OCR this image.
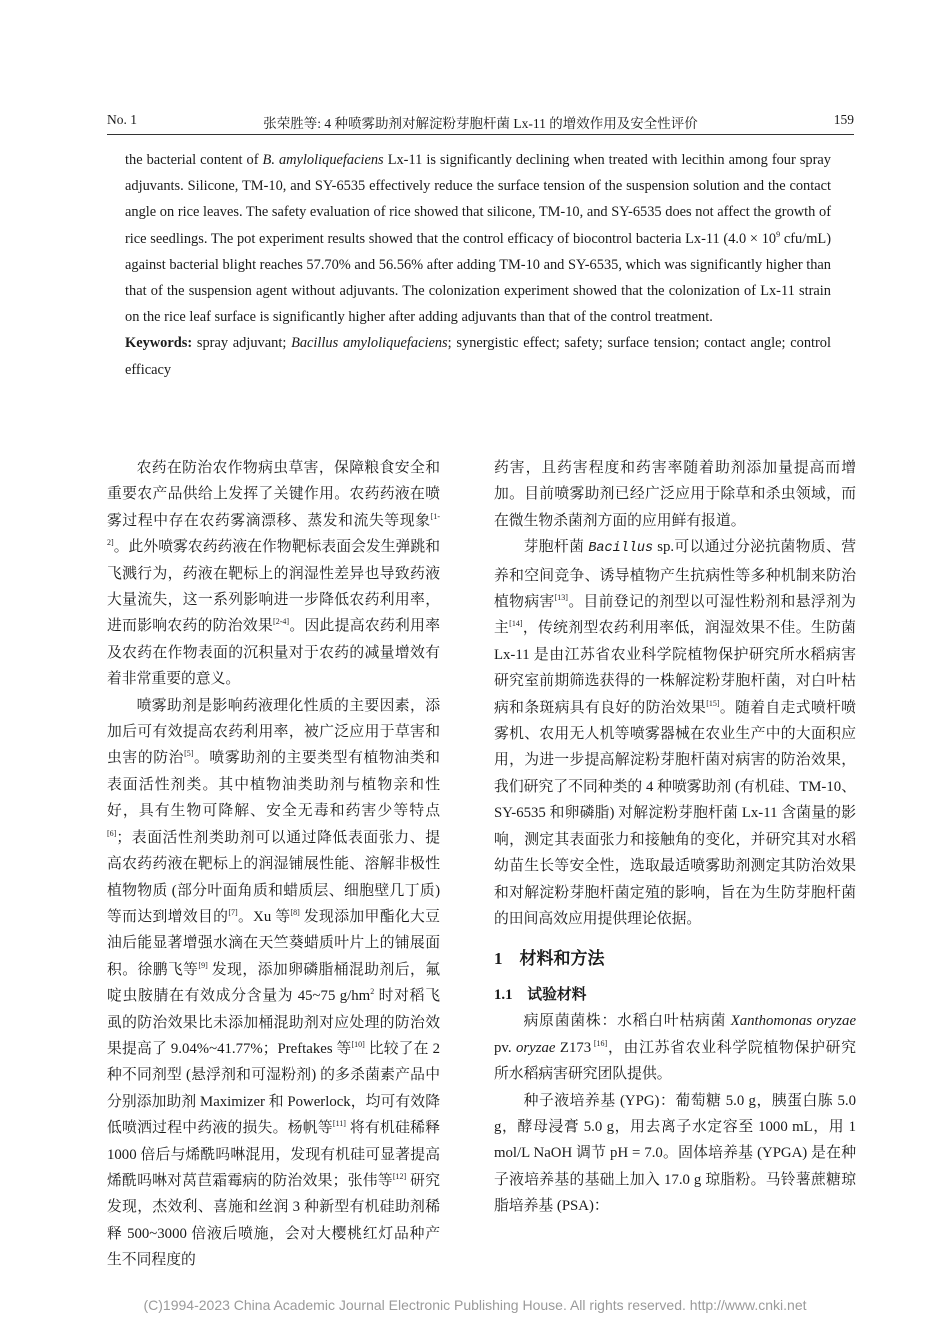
No. 1	张荣胜等: 4 种喷雾助剂对解淀粉芽胞杆菌 Lx-11 的增效作用及安全性评价	159

the bacterial content of B. amyloliquefaciens Lx-11 is significantly declining when treated with lecithin among four spray adjuvants. Silicone, TM-10, and SY-6535 effectively reduce the surface tension of the suspension solution and the contact angle on rice leaves. The safety evaluation of rice showed that silicone, TM-10, and SY-6535 does not affect the growth of rice seedlings. The pot experiment results showed that the control efficacy of biocontrol bacteria Lx-11 ($4.0 \times 10^9$ cfu/mL) against bacterial blight reaches 57.70% and 56.56% after adding TM-10 and SY-6535, which was significantly higher than that of the suspension agent without adjuvants. The colonization experiment showed that the colonization of Lx-11 strain on the rice leaf surface is significantly higher after adding adjuvants than that of the control treatment.

Keywords: spray adjuvant; Bacillus amyloliquefaciens; synergistic effect; safety; surface tension; contact angle; control efficacy

农药在防治农作物病虫草害，保障粮食安全和重要农产品供给上发挥了关键作用。农药药液在喷雾过程中存在农药雾滴漂移、蒸发和流失等现象[1-2]。此外喷雾农药药液在作物靶标表面会发生弹跳和飞溅行为，药液在靶标上的润湿性差异也导致药液大量流失，这一系列影响进一步降低农药利用率，进而影响农药的防治效果[2-4]。因此提高农药利用率及农药在作物表面的沉积量对于农药的减量增效有着非常重要的意义。

喷雾助剂是影响药液理化性质的主要因素，添加后可有效提高农药利用率，被广泛应用于草害和虫害的防治[5]。喷雾助剂的主要类型有植物油类和表面活性剂类。其中植物油类助剂与植物亲和性好，具有生物可降解、安全无毒和药害少等特点[6]；表面活性剂类助剂可以通过降低表面张力、提高农药药液在靶标上的润湿铺展性能、溶解非极性植物物质 (部分叶面角质和蜡质层、细胞壁几丁质) 等而达到增效目的[7]。Xu 等[8] 发现添加甲酯化大豆油后能显著增强水滴在天竺葵蜡质叶片上的铺展面积。徐鹏飞等[9] 发现，添加卵磷脂桶混助剂后，氟啶虫胺腈在有效成分含量为 45~75 $g/hm^2$ 时对稻飞虱的防治效果比未添加桶混助剂对应处理的防治效果提高了 9.04%~41.77%；Preftakes 等[10] 比较了在 2 种不同剂型 (悬浮剂和可湿粉剂) 的多杀菌素产品中分别添加助剂 Maximizer 和 Powerlock，均可有效降低喷洒过程中药液的损失。杨帆等[11] 将有机硅稀释 1000 倍后与烯酰吗啉混用，发现有机硅可显著提高烯酰吗啉对莴苣霜霉病的防治效果；张伟等[12] 研究发现，杰效利、喜施和丝润 3 种新型有机硅助剂稀释 500~3000 倍液后喷施，会对大樱桃红灯品种产生不同程度的

药害，且药害程度和药害率随着助剂添加量提高而增加。目前喷雾助剂已经广泛应用于除草和杀虫领域，而在微生物杀菌剂方面的应用鲜有报道。

芽胞杆菌 Bacillus sp.可以通过分泌抗菌物质、营养和空间竞争、诱导植物产生抗病性等多种机制来防治植物病害[13]。目前登记的剂型以可湿性粉剂和悬浮剂为主[14]，传统剂型农药利用率低，润湿效果不佳。生防菌 Lx-11 是由江苏省农业科学院植物保护研究所水稻病害研究室前期筛选获得的一株解淀粉芽胞杆菌，对白叶枯病和条斑病具有良好的防治效果[15]。随着自走式喷杆喷雾机、农用无人机等喷雾器械在农业生产中的大面积应用，为进一步提高解淀粉芽胞杆菌对病害的防治效果，我们研究了不同种类的 4 种喷雾助剂 (有机硅、TM-10、SY-6535 和卵磷脂) 对解淀粉芽胞杆菌 Lx-11 含菌量的影响，测定其表面张力和接触角的变化，并研究其对水稻幼苗生长等安全性，选取最适喷雾助剂测定其防治效果和对解淀粉芽胞杆菌定殖的影响，旨在为生防芽胞杆菌的田间高效应用提供理论依据。

1　材料和方法
1.1　试验材料

病原菌菌株：水稻白叶枯病菌 Xanthomonas oryzae pv. oryzae Z173 [16]，由江苏省农业科学院植物保护研究所水稻病害研究团队提供。

种子液培养基 (YPG)：葡萄糖 5.0 g，胰蛋白胨 5.0 g，酵母浸膏 5.0 g，用去离子水定容至 1000 mL，用 1 mol/L NaOH 调节 pH = 7.0。固体培养基 (YPGA) 是在种子液培养基的基础上加入 17.0 g 琼脂粉。马铃薯蔗糖琼脂培养基 (PSA)：

(C)1994-2023 China Academic Journal Electronic Publishing House. All rights reserved. http://www.cnki.net
